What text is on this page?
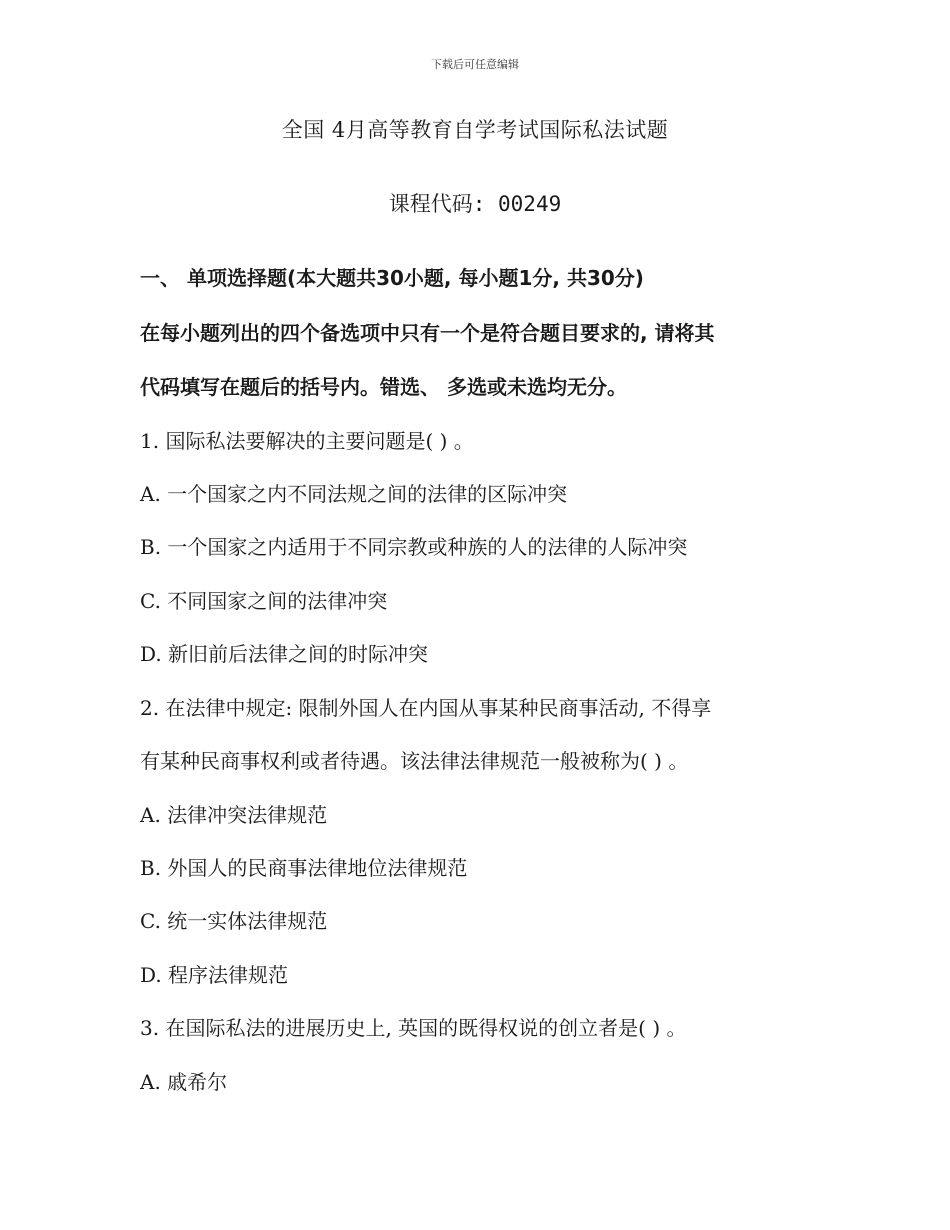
下载后可任意编辑
全国 4月高等教育自学考试国际私法试题
课程代码: 00249
一、 单项选择题(本大题共30小题, 每小题1分, 共30分)
在每小题列出的四个备选项中只有一个是符合题目要求的, 请将其
代码填写在题后的括号内。错选、 多选或未选均无分。
1. 国际私法要解决的主要问题是( ) 。
A. 一个国家之内不同法规之间的法律的区际冲突
B. 一个国家之内适用于不同宗教或种族的人的法律的人际冲突
C. 不同国家之间的法律冲突
D. 新旧前后法律之间的时际冲突
2. 在法律中规定: 限制外国人在内国从事某种民商事活动, 不得享
有某种民商事权利或者待遇。该法律法律规范一般被称为( ) 。
A. 法律冲突法律规范
B. 外国人的民商事法律地位法律规范
C. 统一实体法律规范
D. 程序法律规范
3. 在国际私法的进展历史上, 英国的既得权说的创立者是( ) 。
A. 戚希尔
